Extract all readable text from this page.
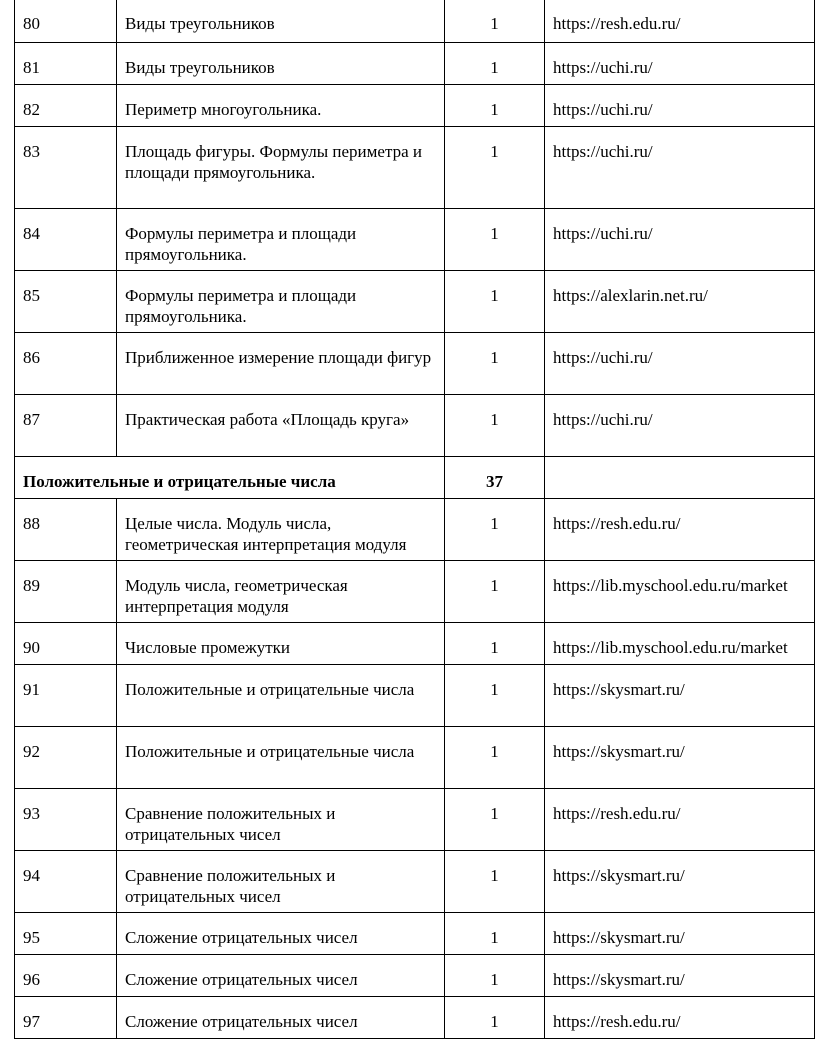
80	Виды треугольников	1	https://resh.edu.ru/
81	Виды треугольников	1	https://uchi.ru/
82	Периметр многоугольника.	1	https://uchi.ru/
83	Площадь фигуры. Формулы периметра и площади прямоугольника.	1	https://uchi.ru/
84	Формулы периметра и площади прямоугольника.	1	https://uchi.ru/
85	Формулы периметра и площади прямоугольника.	1	https://alexlarin.net.ru/
86	Приближенное измерение площади фигур	1	https://uchi.ru/
87	Практическая работа «Площадь круга»	1	https://uchi.ru/
Положительные и отрицательные числа		37	
88	Целые числа. Модуль числа, геометрическая интерпретация модуля	1	https://resh.edu.ru/
89	Модуль числа, геометрическая интерпретация модуля	1	https://lib.myschool.edu.ru/market
90	Числовые промежутки	1	https://lib.myschool.edu.ru/market
91	Положительные и отрицательные числа	1	https://skysmart.ru/
92	Положительные и отрицательные числа	1	https://skysmart.ru/
93	Сравнение положительных и отрицательных чисел	1	https://resh.edu.ru/
94	Сравнение положительных и отрицательных чисел	1	https://skysmart.ru/
95	Сложение отрицательных чисел	1	https://skysmart.ru/
96	Сложение отрицательных чисел	1	https://skysmart.ru/
97	Сложение отрицательных чисел	1	https://resh.edu.ru/
